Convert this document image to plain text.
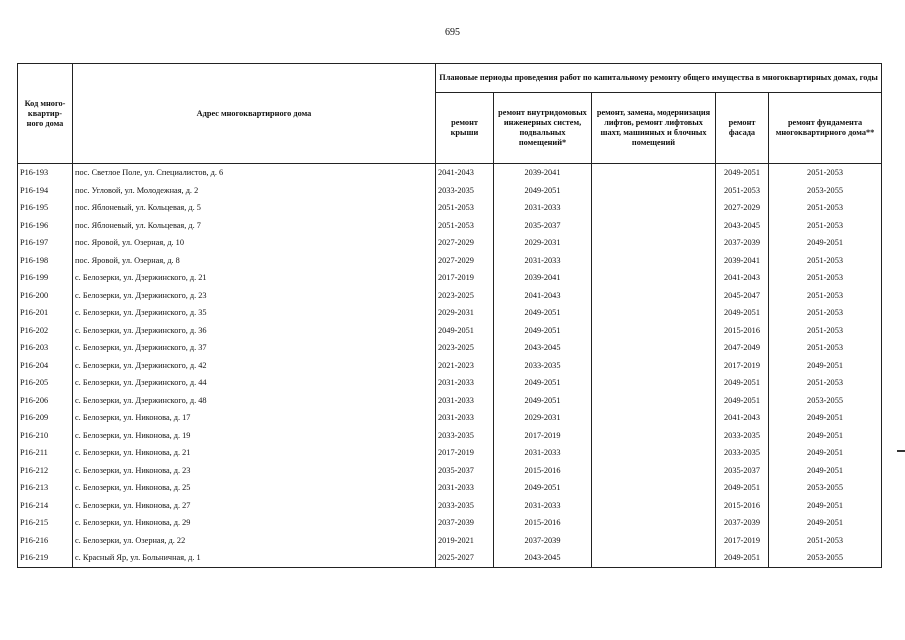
695
Код много-квартир-ного дома	Адрес многоквартирного дома	Плановые периоды проведения работ по капитальному ремонту общего имущества в многоквартирных домах, годы				
		ремонт крыши	ремонт внутридомовых инженерных систем, подвальных помещений*	ремонт, замена, модернизация лифтов, ремонт лифтовых шахт, машинных и блочных помещений	ремонт фасада	ремонт фундамента многоквартирного дома**
Р16-193	пос. Светлое Поле, ул. Специалистов, д. 6	2041-2043	2039-2041		2049-2051	2051-2053
Р16-194	пос. Угловой, ул. Молодежная, д. 2	2033-2035	2049-2051		2051-2053	2053-2055
Р16-195	пос. Яблоневый, ул. Кольцевая, д. 5	2051-2053	2031-2033		2027-2029	2051-2053
Р16-196	пос. Яблоневый, ул. Кольцевая, д. 7	2051-2053	2035-2037		2043-2045	2051-2053
Р16-197	пос. Яровой, ул. Озерная, д. 10	2027-2029	2029-2031		2037-2039	2049-2051
Р16-198	пос. Яровой, ул. Озерная, д. 8	2027-2029	2031-2033		2039-2041	2051-2053
Р16-199	с. Белозерки, ул. Дзержинского, д. 21	2017-2019	2039-2041		2041-2043	2051-2053
Р16-200	с. Белозерки, ул. Дзержинского, д. 23	2023-2025	2041-2043		2045-2047	2051-2053
Р16-201	с. Белозерки, ул. Дзержинского, д. 35	2029-2031	2049-2051		2049-2051	2051-2053
Р16-202	с. Белозерки, ул. Дзержинского, д. 36	2049-2051	2049-2051		2015-2016	2051-2053
Р16-203	с. Белозерки, ул. Дзержинского, д. 37	2023-2025	2043-2045		2047-2049	2051-2053
Р16-204	с. Белозерки, ул. Дзержинского, д. 42	2021-2023	2033-2035		2017-2019	2049-2051
Р16-205	с. Белозерки, ул. Дзержинского, д. 44	2031-2033	2049-2051		2049-2051	2051-2053
Р16-206	с. Белозерки, ул. Дзержинского, д. 48	2031-2033	2049-2051		2049-2051	2053-2055
Р16-209	с. Белозерки, ул. Никонова, д. 17	2031-2033	2029-2031		2041-2043	2049-2051
Р16-210	с. Белозерки, ул. Никонова, д. 19	2033-2035	2017-2019		2033-2035	2049-2051
Р16-211	с. Белозерки, ул. Никонова, д. 21	2017-2019	2031-2033		2033-2035	2049-2051
Р16-212	с. Белозерки, ул. Никонова, д. 23	2035-2037	2015-2016		2035-2037	2049-2051
Р16-213	с. Белозерки, ул. Никонова, д. 25	2031-2033	2049-2051		2049-2051	2053-2055
Р16-214	с. Белозерки, ул. Никонова, д. 27	2033-2035	2031-2033		2015-2016	2049-2051
Р16-215	с. Белозерки, ул. Никонова, д. 29	2037-2039	2015-2016		2037-2039	2049-2051
Р16-216	с. Белозерки, ул. Озерная, д. 22	2019-2021	2037-2039		2017-2019	2051-2053
Р16-219	с. Красный Яр, ул. Больничная, д. 1	2025-2027	2043-2045		2049-2051	2053-2055
